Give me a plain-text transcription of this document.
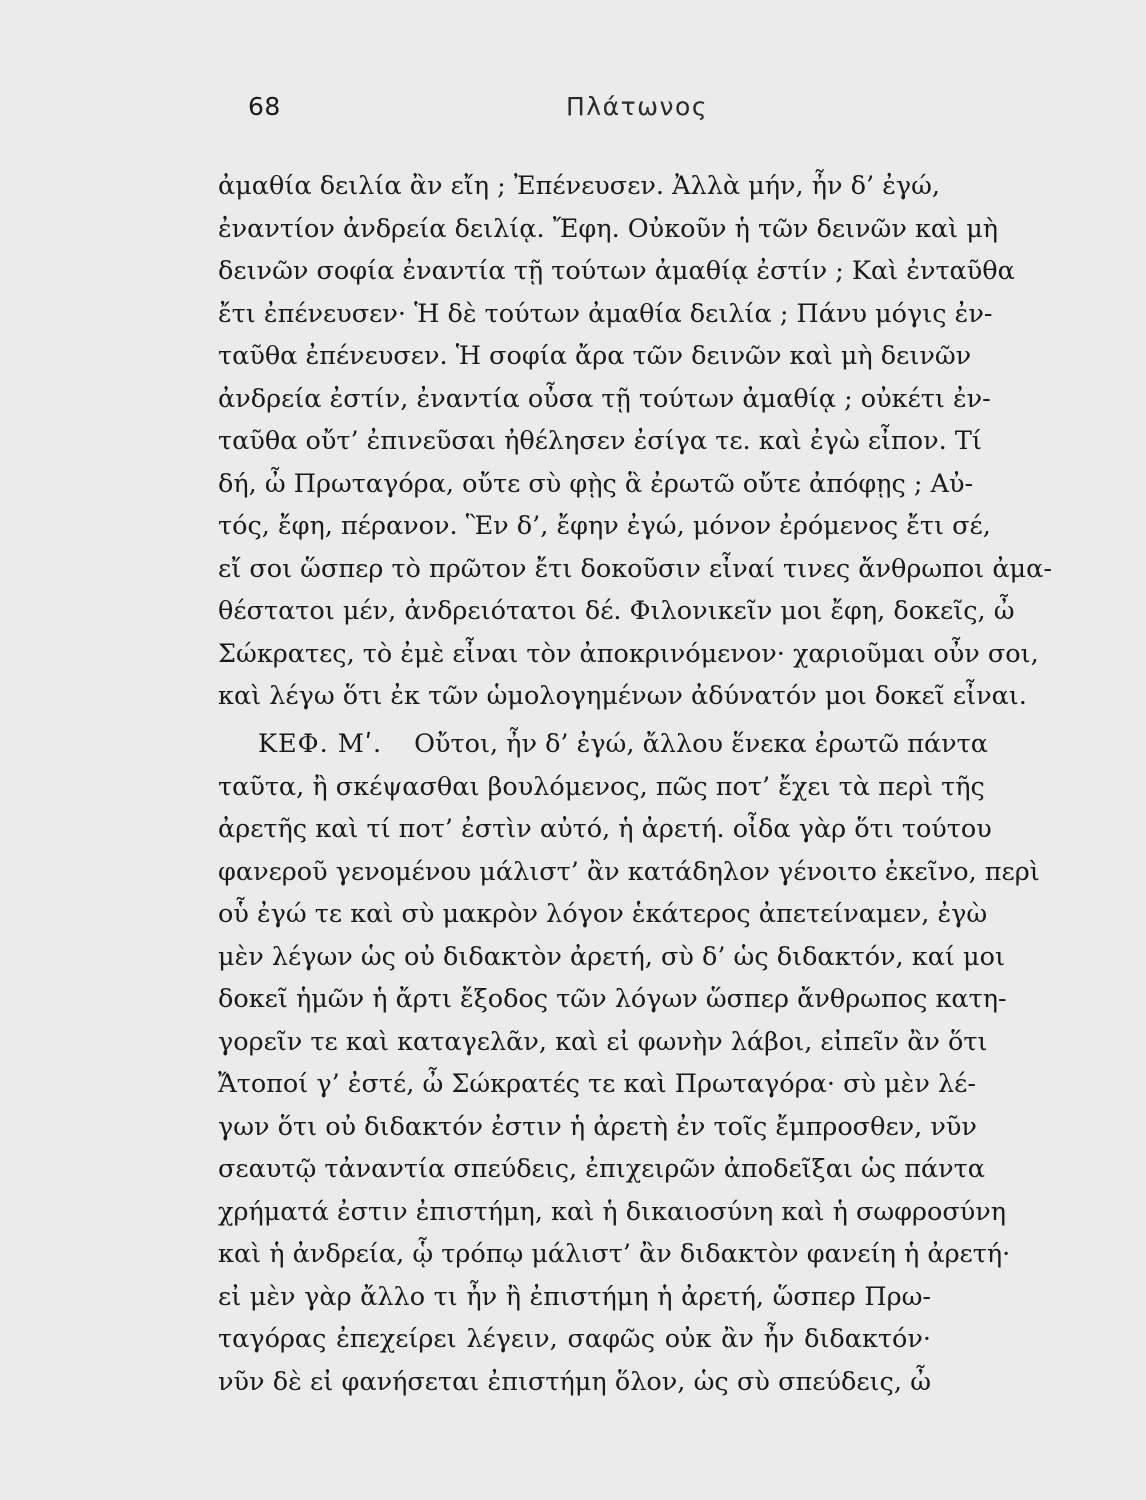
68	Πλάτωνος
ἀμαθία δειλία ἂν εἴη ; Ἐπένευσεν. Ἀλλὰ μήν, ἦν δ’ ἐγώ,
ἐναντίον ἀνδρεία δειλίᾳ. Ἔφη. Οὐκοῦν ἡ τῶν δεινῶν καὶ μὴ
δεινῶν σοφία ἐναντία τῇ τούτων ἀμαθίᾳ ἐστίν ; Καὶ ἐνταῦθα
ἔτι ἐπένευσεν· Ἡ δὲ τούτων ἀμαθία δειλία ; Πάνυ μόγις ἐν-
ταῦθα ἐπένευσεν. Ἡ σοφία ἄρα τῶν δεινῶν καὶ μὴ δεινῶν
ἀνδρεία ἐστίν, ἐναντία οὖσα τῇ τούτων ἀμαθίᾳ ; οὐκέτι ἐν-
ταῦθα οὔτ’ ἐπινεῦσαι ἠθέλησεν ἐσίγα τε. καὶ ἐγὼ εἶπον. Τί
δή, ὦ Πρωταγόρα, οὔτε σὺ φῂς ἃ ἐρωτῶ οὔτε ἀπόφῃς ; Αὐ-
τός, ἔφη, πέρανον. Ἓν δ’, ἔφην ἐγώ, μόνον ἐρόμενος ἔτι σέ,
εἴ σοι ὥσπερ τὸ πρῶτον ἔτι δοκοῦσιν εἶναί τινες ἄνθρωποι ἀμα-
θέστατοι μέν, ἀνδρειότατοι δέ. Φιλονικεῖν μοι ἔφη, δοκεῖς, ὦ
Σώκρατες, τὸ ἐμὲ εἶναι τὸν ἀποκρινόμενον· χαριοῦμαι οὖν σοι,
καὶ λέγω ὅτι ἐκ τῶν ὡμολογημένων ἀδύνατόν μοι δοκεῖ εἶναι.
ΚΕΦ. Μʹ. Οὔτοι, ἦν δ’ ἐγώ, ἄλλου ἕνεκα ἐρωτῶ πάντα
ταῦτα, ἢ σκέψασθαι βουλόμενος, πῶς ποτ’ ἔχει τὰ περὶ τῆς
ἀρετῆς καὶ τί ποτ’ ἐστὶν αὐτό, ἡ ἀρετή. οἶδα γὰρ ὅτι τούτου
φανεροῦ γενομένου μάλιστ’ ἂν κατάδηλον γένοιτο ἐκεῖνο, περὶ
οὗ ἐγώ τε καὶ σὺ μακρὸν λόγον ἑκάτερος ἀπετείναμεν, ἐγὼ
μὲν λέγων ὡς οὐ διδακτὸν ἀρετή, σὺ δ’ ὡς διδακτόν, καί μοι
δοκεῖ ἡμῶν ἡ ἄρτι ἔξοδος τῶν λόγων ὥσπερ ἄνθρωπος κατη-
γορεῖν τε καὶ καταγελᾶν, καὶ εἰ φωνὴν λάβοι, εἰπεῖν ἂν ὅτι
Ἄτοποί γ’ ἐστέ, ὦ Σώκρατές τε καὶ Πρωταγόρα· σὺ μὲν λέ-
γων ὅτι οὐ διδακτόν ἐστιν ἡ ἀρετὴ ἐν τοῖς ἔμπροσθεν, νῦν
σεαυτῷ τἀναντία σπεύδεις, ἐπιχειρῶν ἀποδεῖξαι ὡς πάντα
χρήματά ἐστιν ἐπιστήμη, καὶ ἡ δικαιοσύνη καὶ ἡ σωφροσύνη
καὶ ἡ ἀνδρεία, ᾧ τρόπῳ μάλιστ’ ἂν διδακτὸν φανείη ἡ ἀρετή·
εἰ μὲν γὰρ ἄλλο τι ἦν ἢ ἐπιστήμη ἡ ἀρετή, ὥσπερ Πρω-
ταγόρας ἐπεχείρει λέγειν, σαφῶς οὐκ ἂν ἦν διδακτόν·
νῦν δὲ εἰ φανήσεται ἐπιστήμη ὅλον, ὡς σὺ σπεύδεις, ὦ
